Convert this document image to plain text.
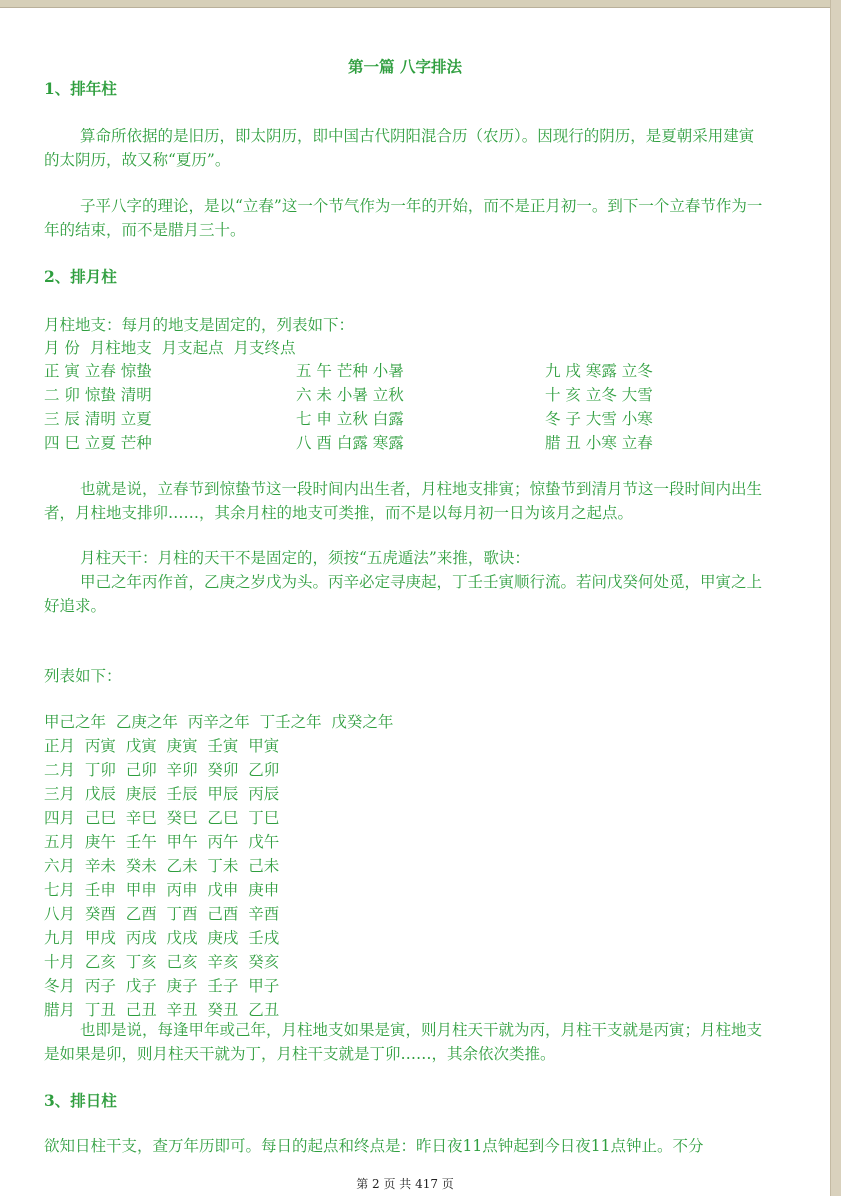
第一篇 八字排法
1、排年柱
算命所依据的是旧历，即太阴历，即中国古代阴阳混合历（农历）。因现行的阴历，是夏朝采用建寅的太阴历，故又称“夏历”。
子平八字的理论，是以“立春”这一个节气作为一年的开始，而不是正月初一。到下一个立春节作为一年的结束，而不是腊月三十。
2、排月柱
月柱地支：每月的地支是固定的，列表如下：
月 份  月柱地支  月支起点  月支终点
正 寅 立春 惊蛰
二 卯 惊蛰 清明
三 辰 清明 立夏
四 巳 立夏 芒种
五 午 芒种 小暑
六 未 小暑 立秋
七 申 立秋 白露
八 酉 白露 寒露
九 戌 寒露 立冬
十 亥 立冬 大雪
冬 子 大雪 小寒
腊 丑 小寒 立春
也就是说，立春节到惊蛰节这一段时间内出生者，月柱地支排寅；惊蛰节到清月节这一段时间内出生者，月柱地支排卯……，其余月柱的地支可类推，而不是以每月初一日为该月之起点。
月柱天干：月柱的天干不是固定的，须按“五虎遁法”来推，歌诀：
甲己之年丙作首，乙庚之岁戊为头。丙辛必定寻庚起，丁壬壬寅顺行流。若问戊癸何处觅，甲寅之上好追求。
列表如下：
甲己之年  乙庚之年  丙辛之年  丁壬之年  戊癸之年
正月  丙寅  戊寅  庚寅  壬寅  甲寅
二月  丁卯  己卯  辛卯  癸卯  乙卯
三月  戊辰  庚辰  壬辰  甲辰  丙辰
四月  己巳  辛巳  癸巳  乙巳  丁巳
五月  庚午  壬午  甲午  丙午  戊午
六月  辛未  癸未  乙未  丁未  己未
七月  壬申  甲申  丙申  戊申  庚申
八月  癸酉  乙酉  丁酉  己酉  辛酉
九月  甲戌  丙戌  戊戌  庚戌  壬戌
十月  乙亥  丁亥  己亥  辛亥  癸亥
冬月  丙子  戊子  庚子  壬子  甲子
腊月  丁丑  己丑  辛丑  癸丑  乙丑
也即是说，每逢甲年或己年，月柱地支如果是寅，则月柱天干就为丙，月柱干支就是丙寅；月柱地支是如果是卯，则月柱天干就为丁，月柱干支就是丁卯……，其余依次类推。
3、排日柱
欲知日柱干支，查万年历即可。每日的起点和终点是：昨日夜11点钟起到今日夜11点钟止。不分
第 2 页 共 417 页
